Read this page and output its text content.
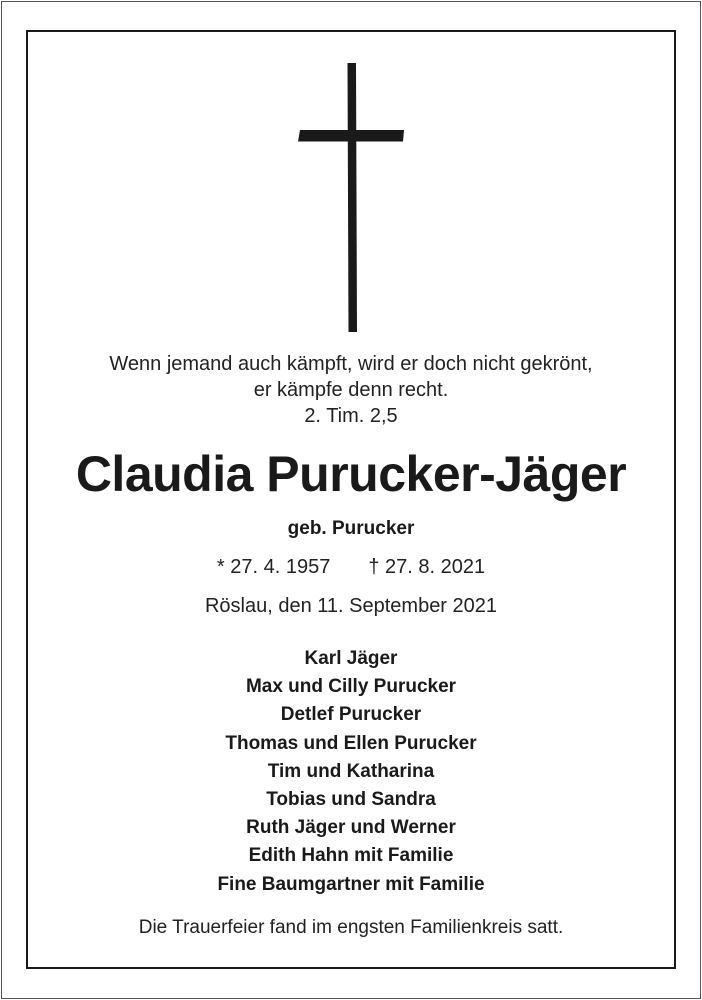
Wenn jemand auch kämpft, wird er doch nicht gekrönt,
er kämpfe denn recht.
2. Tim. 2,5
Claudia Purucker-Jäger
geb. Purucker
* 27. 4. 1957 † 27. 8. 2021
Röslau, den 11. September 2021
Karl Jäger
Max und Cilly Purucker
Detlef Purucker
Thomas und Ellen Purucker
Tim und Katharina
Tobias und Sandra
Ruth Jäger und Werner
Edith Hahn mit Familie
Fine Baumgartner mit Familie
Die Trauerfeier fand im engsten Familienkreis satt.
